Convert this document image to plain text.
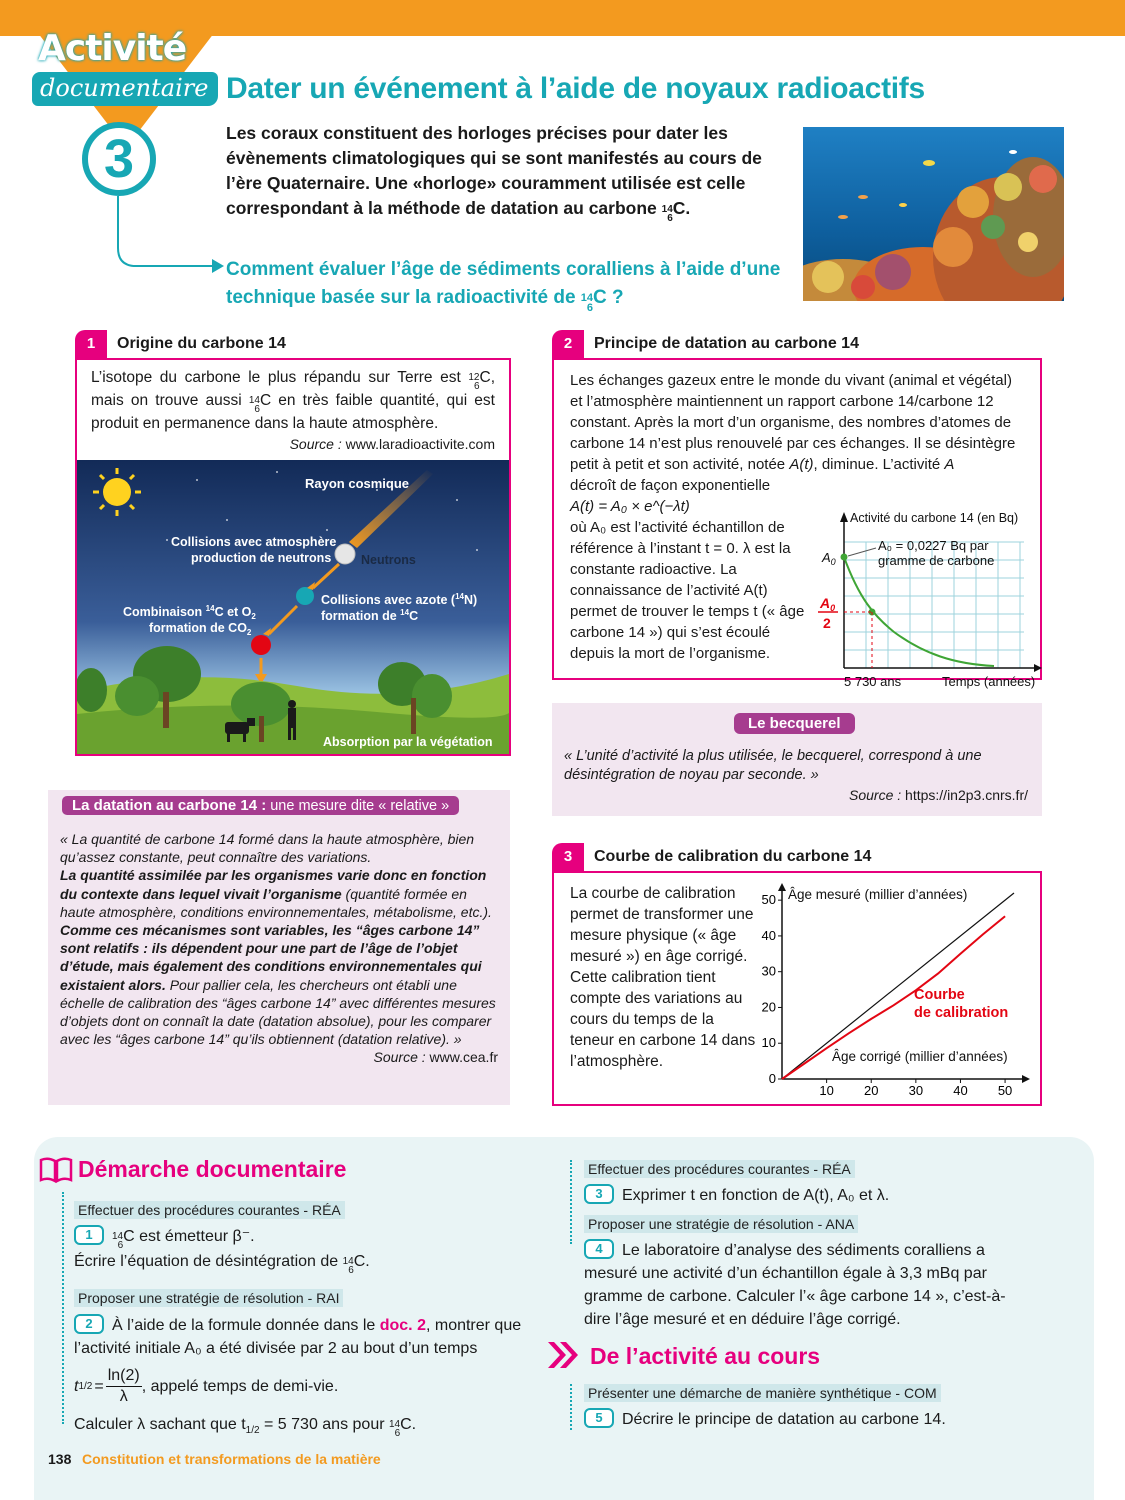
Activité
documentaire
3
Dater un événement à l’aide de noyaux radioactifs
Les coraux constituent des horloges précises pour dater les évènements climatologiques qui se sont manifestés au cours de l’ère Quaternaire. Une «horloge» couramment utilisée est celle correspondant à la méthode de datation au carbone 14
6
C.
Comment évaluer l’âge de sédiments coralliens à l’aide d’une technique basée sur la radioactivité de 14
6 C ?
1	Origine du carbone 14
L’isotope du carbone le plus répandu sur Terre est 12
6
C, mais on trouve aussi 14
6
C en très faible quantité, qui est produit en permanence dans la haute atmosphère.
Source : www.laradioactivite.com
Rayon cosmique
Collisions avec atmosphère
production de neutrons Neutrons
Collisions avec azote ($^{14}$N)
formation de $^{14}$C
Combinaison $^{14}$C et $O_2$
formation de $CO_2$
Absorption par la végétation
2	Principe de datation au carbone 14
Les échanges gazeux entre le monde du vivant (animal et végétal) et l’atmosphère maintiennent un rapport carbone 14/carbone 12 constant. Après la mort d’un organisme, des nombres d’atomes de carbone 14 n’est plus renouvelé par ces échanges. Il se désintègre petit à petit et son activité, notée A(t), diminue. L’activité A
décroît de façon exponentielle
A(t) = A₀ × e^(−λt)
où A₀ est l’activité échantillon de référence à l’instant t = 0. λ est la constante radioactive. La connaissance de l’activité A(t) permet de trouver le temps t (« âge carbone 14 ») qui s’est écoulé depuis la mort de l’organisme.
Activité du carbone 14 (en Bq)
$A_0$
A₀ = 0,0227 Bq par
gramme de carbone
$A_0$
2
5 730 ans	Temps (années)
Le becquerel
« L’unité d’activité la plus utilisée, le becquerel, correspond à une désintégration de noyau par seconde. »
Source : https://in2p3.cnrs.fr/
La datation au carbone 14 : une mesure dite « relative »
« La quantité de carbone 14 formé dans la haute atmosphère, bien qu’assez constante, peut connaître des variations.
La quantité assimilée par les organismes varie donc en fonction du contexte dans lequel vivait l’organisme (quantité formée en haute atmosphère, conditions environnementales, métabolisme, etc.).
Comme ces mécanismes sont variables, les “âges carbone 14” sont relatifs : ils dépendent pour une part de l’âge de l’objet d’étude, mais également des conditions environnementales qui existaient alors. Pour pallier cela, les chercheurs ont établi une échelle de calibration des “âges carbone 14” avec différentes mesures d’objets dont on connaît la date (datation absolue), pour les comparer avec les “âges carbone 14” qu’ils obtiennent (datation relative). »
Source : www.cea.fr
3	Courbe de calibration du carbone 14
La courbe de calibration permet de transformer une mesure physique (« âge mesuré ») en âge corrigé. Cette calibration tient compte des variations au cours du temps de la teneur en carbone 14 dans l’atmosphère.
10 20 30 40 50
0
10
20
30
40
50 Âge mesuré (millier d’années)
Âge corrigé (millier d’années)
Courbe
de calibration
Démarche documentaire
Effectuer des procédures courantes - RÉA
1 14
6
C est émetteur β⁻.
Écrire l’équation de désintégration de 14
6
C.
Proposer une stratégie de résolution - RAI
2 À l’aide de la formule donnée dans le doc. 2, montrer que l’activité initiale A₀ a été divisée par 2 au bout d’un temps
t $1/2 = \frac{\ln(2)}{\lambda}$ , appelé temps de demi-vie.
Calculer λ sachant que $t_{1/2} = 5$ 730 ans pour 14
6
C.
Effectuer des procédures courantes - RÉA
3 Exprimer t en fonction de A(t), A₀ et λ.
Proposer une stratégie de résolution - ANA
4 Le laboratoire d’analyse des sédiments coralliens a mesuré une activité d’un échantillon égale à 3,3 mBq par gramme de carbone. Calculer l’« âge carbone 14 », c’est-à-dire l’âge mesuré et en déduire l’âge corrigé.
De l’activité au cours
Présenter une démarche de manière synthétique - COM
5 Décrire le principe de datation au carbone 14.
138 Constitution et transformations de la matière
